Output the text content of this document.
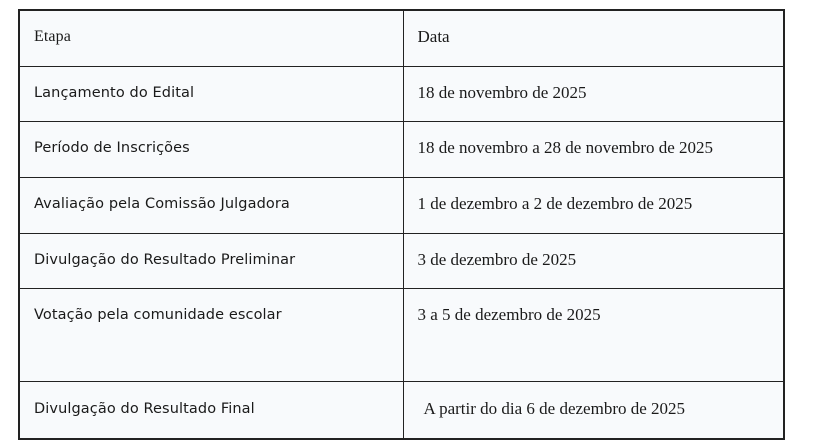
Etapa	Data

Lançamento do Edital	18 de novembro de 2025

Período de Inscrições	18 de novembro a 28 de novembro de 2025

Avaliação pela Comissão Julgadora	1 de dezembro a 2 de dezembro de 2025

Divulgação do Resultado Preliminar	3 de dezembro de 2025

Votação pela comunidade escolar	3 a 5 de dezembro de 2025

Divulgação do Resultado Final	A partir do dia 6 de dezembro de 2025
